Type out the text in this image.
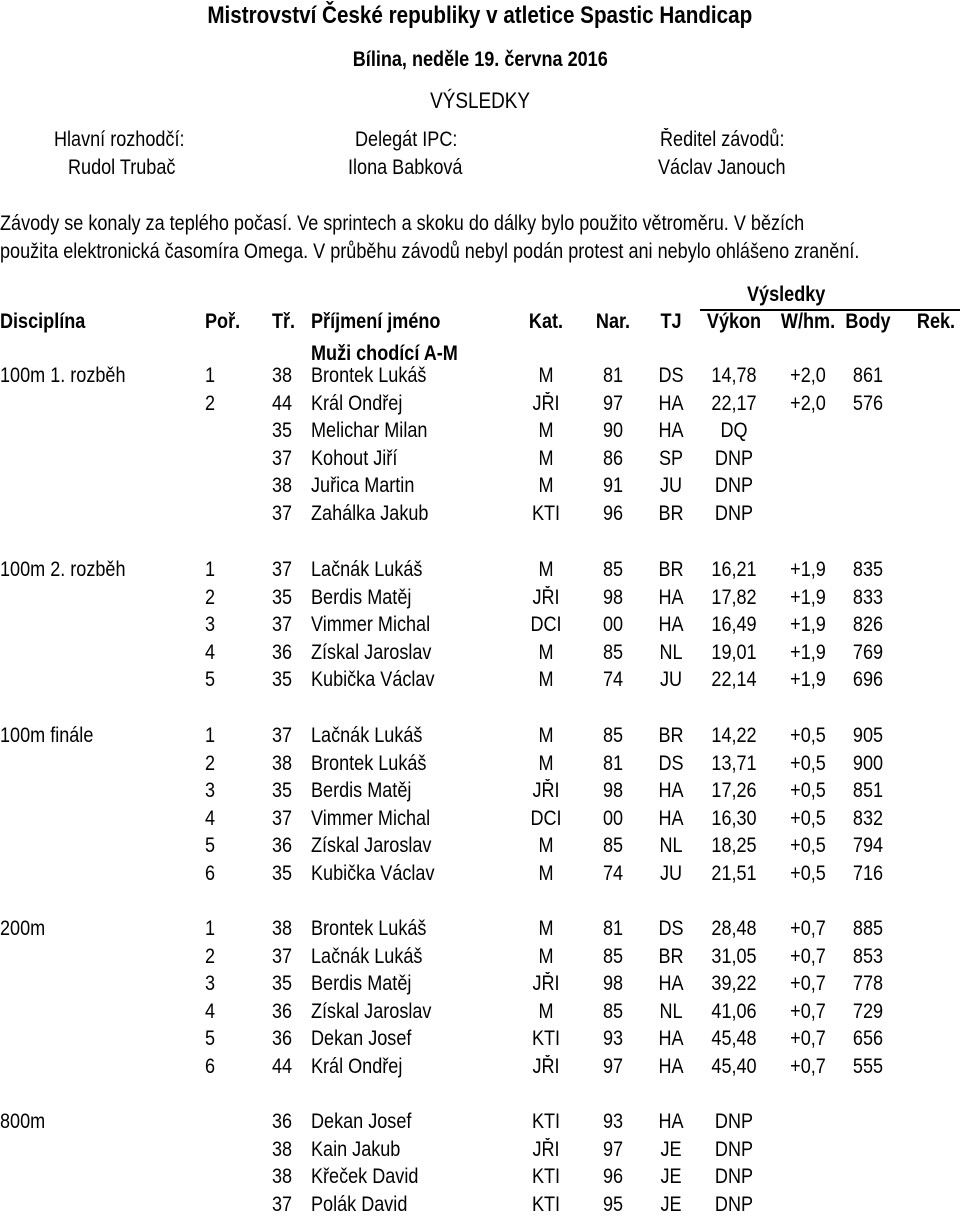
Mistrovství České republiky v atletice Spastic Handicap
Bílina, neděle 19. června 2016
VÝSLEDKY
Hlavní rozhodčí:
Rudol Trubač
Delegát IPC:
Ilona Babková
Ředitel závodů:
Václav Janouch
Závody se konaly za teplého počasí. Ve sprintech a skoku do dálky bylo použito větroměru. V bězích
použita elektronická časomíra Omega. V průběhu závodů nebyl podán protest ani nebylo ohlášeno zranění.
Výsledky
Disciplína	Poř. Tř. Příjmení jméno	Kat. Nar. TJ Výkon W/hm. Body Rek.
Muži chodící A-M
100m 1. rozběh	1	38 Brontek Lukáš	M 81 DS 14,78 +2,0 861
2	44 Král Ondřej	JŘI 97 HA 22,17 +2,0 576
35 Melichar Milan	M 90 HA DQ
37 Kohout Jiří	M 86 SP DNP
38 Juřica Martin	M 91 JU DNP
37 Zahálka Jakub	KTI 96 BR DNP
100m 2. rozběh	1	37 Lačnák Lukáš	M 85 BR 16,21 +1,9 835
2	35 Berdis Matěj	JŘI 98 HA 17,82 +1,9 833
3	37 Vimmer Michal	DCI 00 HA 16,49 +1,9 826
4	36 Získal Jaroslav	M 85 NL 19,01 +1,9 769
5	35 Kubička Václav	M 74 JU 22,14 +1,9 696
100m finále	1	37 Lačnák Lukáš	M 85 BR 14,22 +0,5 905
2	38 Brontek Lukáš	M 81 DS 13,71 +0,5 900
3	35 Berdis Matěj	JŘI 98 HA 17,26 +0,5 851
4	37 Vimmer Michal	DCI 00 HA 16,30 +0,5 832
5	36 Získal Jaroslav	M 85 NL 18,25 +0,5 794
6	35 Kubička Václav	M 74 JU 21,51 +0,5 716
200m	1	38 Brontek Lukáš	M 81 DS 28,48 +0,7 885
2	37 Lačnák Lukáš	M 85 BR 31,05 +0,7 853
3	35 Berdis Matěj	JŘI 98 HA 39,22 +0,7 778
4	36 Získal Jaroslav	M 85 NL 41,06 +0,7 729
5	36 Dekan Josef	KTI 93 HA 45,48 +0,7 656
6	44 Král Ondřej	JŘI 97 HA 45,40 +0,7 555
800m	36 Dekan Josef	KTI 93 HA DNP
38 Kain Jakub	JŘI 97 JE DNP
38 Křeček David	KTI 96 JE DNP
37 Polák David	KTI 95 JE DNP
